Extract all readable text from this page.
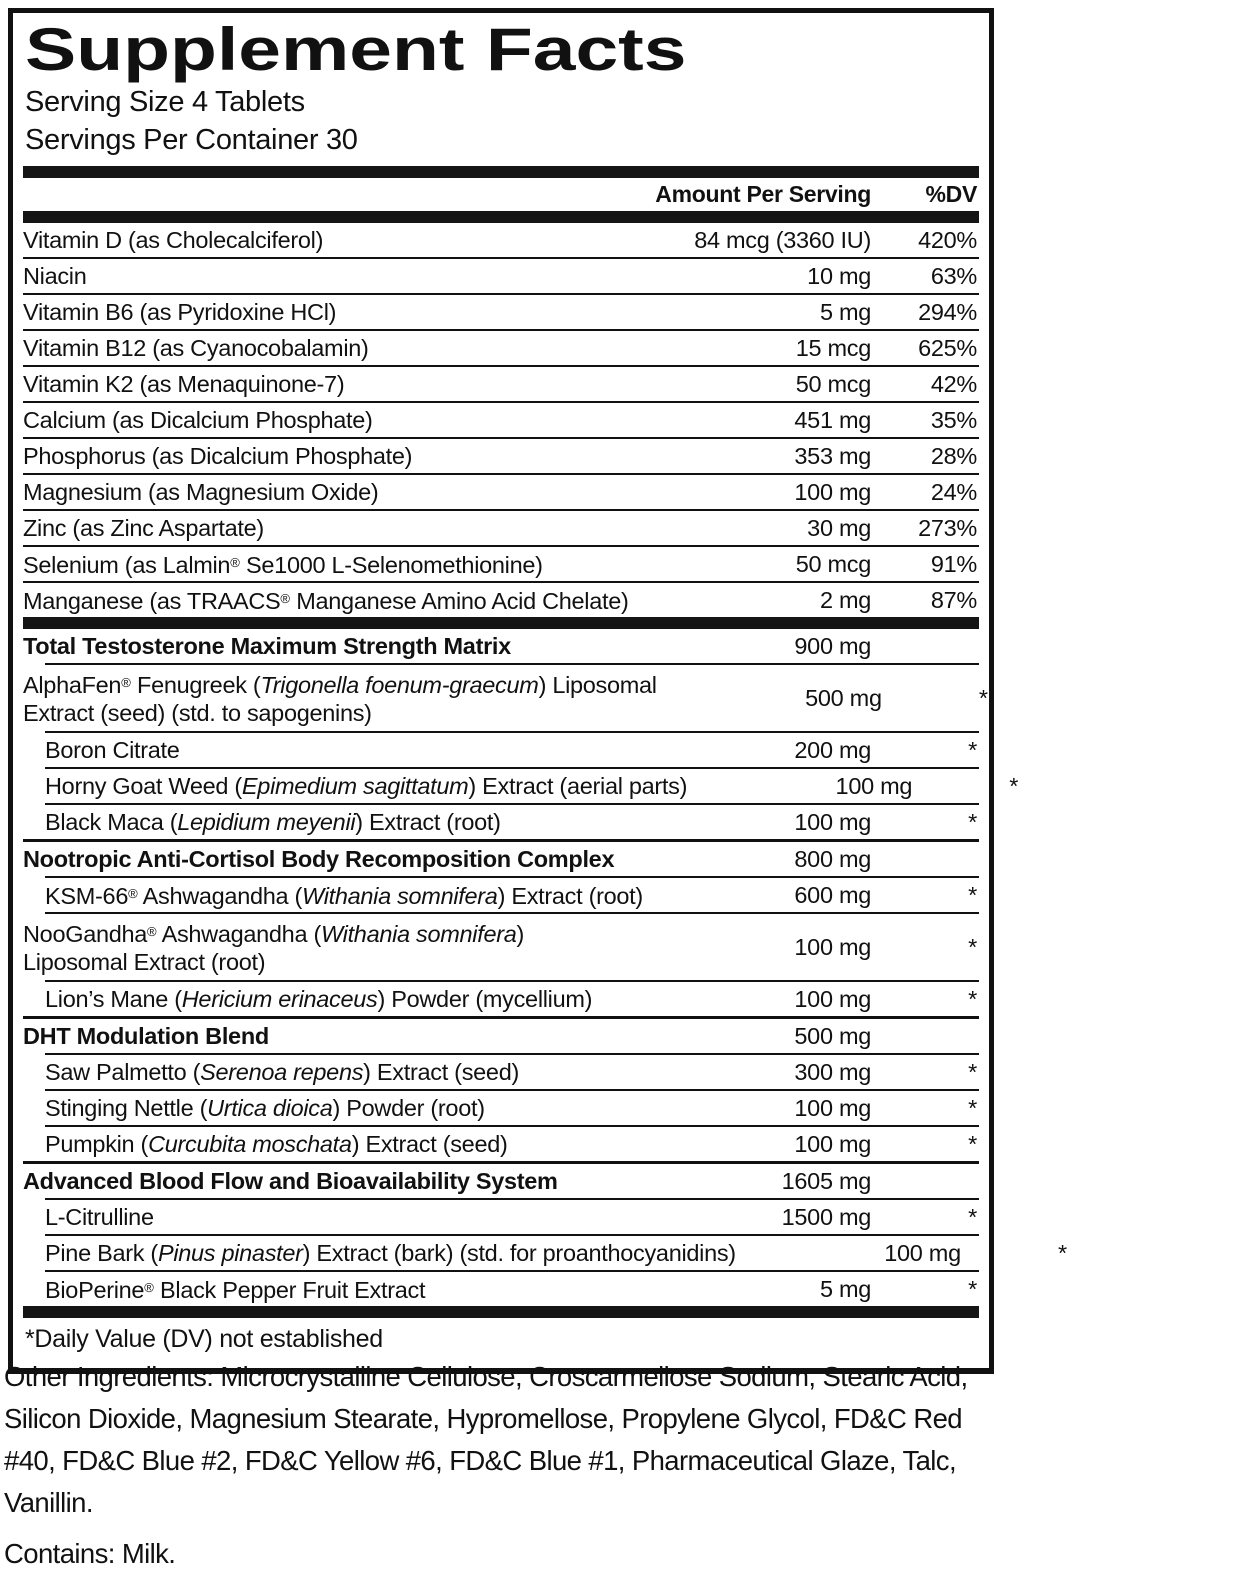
Supplement Facts
Serving Size 4 Tablets
Servings Per Container 30
Amount Per Serving	%DV
Vitamin D (as Cholecalciferol)	84 mcg (3360 IU)	420%
Niacin	10 mg	63%
Vitamin B6 (as Pyridoxine HCl)	5 mg	294%
Vitamin B12 (as Cyanocobalamin)	15 mcg	625%
Vitamin K2 (as Menaquinone-7)	50 mcg	42%
Calcium (as Dicalcium Phosphate)	451 mg	35%
Phosphorus (as Dicalcium Phosphate)	353 mg	28%
Magnesium (as Magnesium Oxide)	100 mg	24%
Zinc (as Zinc Aspartate)	30 mg	273%
Selenium (as Lalmin® Se1000 L-Selenomethionine)	50 mcg	91%
Manganese (as TRAACS® Manganese Amino Acid Chelate)	2 mg	87%
Total Testosterone Maximum Strength Matrix	900 mg
AlphaFen® Fenugreek (Trigonella foenum-graecum) Liposomal
Extract (seed) (std. to sapogenins)
500 mg	*
Boron Citrate	200 mg	*
Horny Goat Weed (Epimedium sagittatum) Extract (aerial parts)	100 mg	*
Black Maca (Lepidium meyenii) Extract (root)	100 mg	*
Nootropic Anti-Cortisol Body Recomposition Complex	800 mg
KSM-66® Ashwagandha (Withania somnifera) Extract (root)	600 mg	*
NooGandha® Ashwagandha (Withania somnifera)
Liposomal Extract (root)
100 mg	*
Lion’s Mane (Hericium erinaceus) Powder (mycellium)	100 mg	*
DHT Modulation Blend	500 mg
Saw Palmetto (Serenoa repens) Extract (seed)	300 mg	*
Stinging Nettle (Urtica dioica) Powder (root)	100 mg	*
Pumpkin (Curcubita moschata) Extract (seed)	100 mg	*
Advanced Blood Flow and Bioavailability System	1605 mg
L-Citrulline	1500 mg	*
Pine Bark (Pinus pinaster) Extract (bark) (std. for proanthocyanidins)	100 mg	*
BioPerine® Black Pepper Fruit Extract	5 mg	*
*Daily Value (DV) not established

Other Ingredients: Microcrystalline Cellulose, Croscarmellose Sodium, Stearic Acid, Silicon Dioxide, Magnesium Stearate, Hypromellose, Propylene Glycol, FD&C Red #40, FD&C Blue #2, FD&C Yellow #6, FD&C Blue #1, Pharmaceutical Glaze, Talc, Vanillin.

Contains: Milk.
